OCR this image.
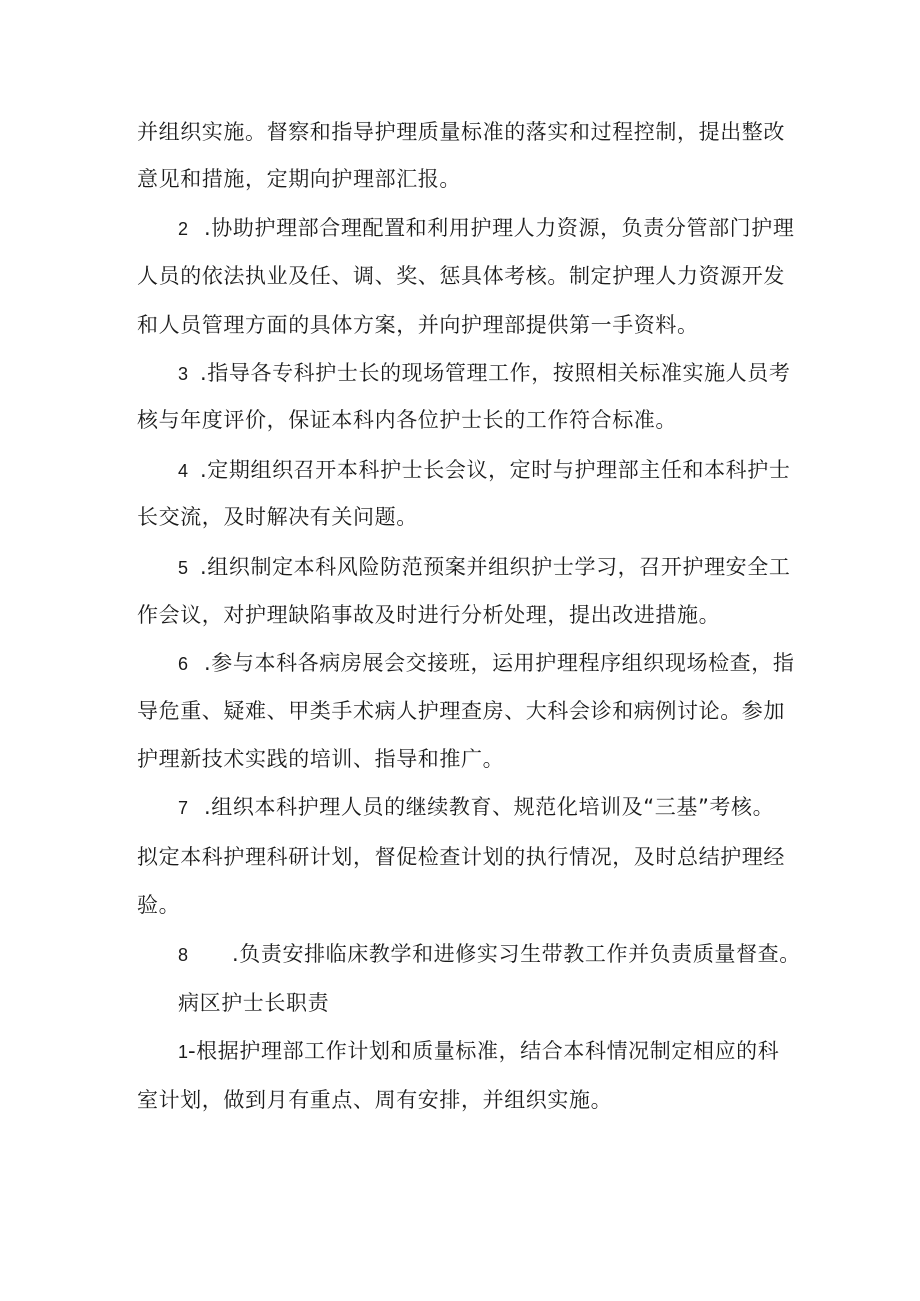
并组织实施。督察和指导护理质量标准的落实和过程控制，提出整改
意见和措施，定期向护理部汇报。
2 .协助护理部合理配置和利用护理人力资源，负责分管部门护理
人员的依法执业及任、调、奖、惩具体考核。制定护理人力资源开发
和人员管理方面的具体方案，并向护理部提供第一手资料。
3 .指导各专科护士长的现场管理工作，按照相关标准实施人员考
核与年度评价，保证本科内各位护士长的工作符合标准。
4 .定期组织召开本科护士长会议，定时与护理部主任和本科护士
长交流，及时解决有关问题。
5 .组织制定本科风险防范预案并组织护士学习，召开护理安全工
作会议，对护理缺陷事故及时进行分析处理，提出改进措施。
6 .参与本科各病房展会交接班，运用护理程序组织现场检查，指
导危重、疑难、甲类手术病人护理查房、大科会诊和病例讨论。参加
护理新技术实践的培训、指导和推广。
7 .组织本科护理人员的继续教育、规范化培训及“三基”考核。
拟定本科护理科研计划，督促检查计划的执行情况，及时总结护理经
验。
8 .负责安排临床教学和进修实习生带教工作并负责质量督查。
病区护士长职责
1-根据护理部工作计划和质量标准，结合本科情况制定相应的科
室计划，做到月有重点、周有安排，并组织实施。
